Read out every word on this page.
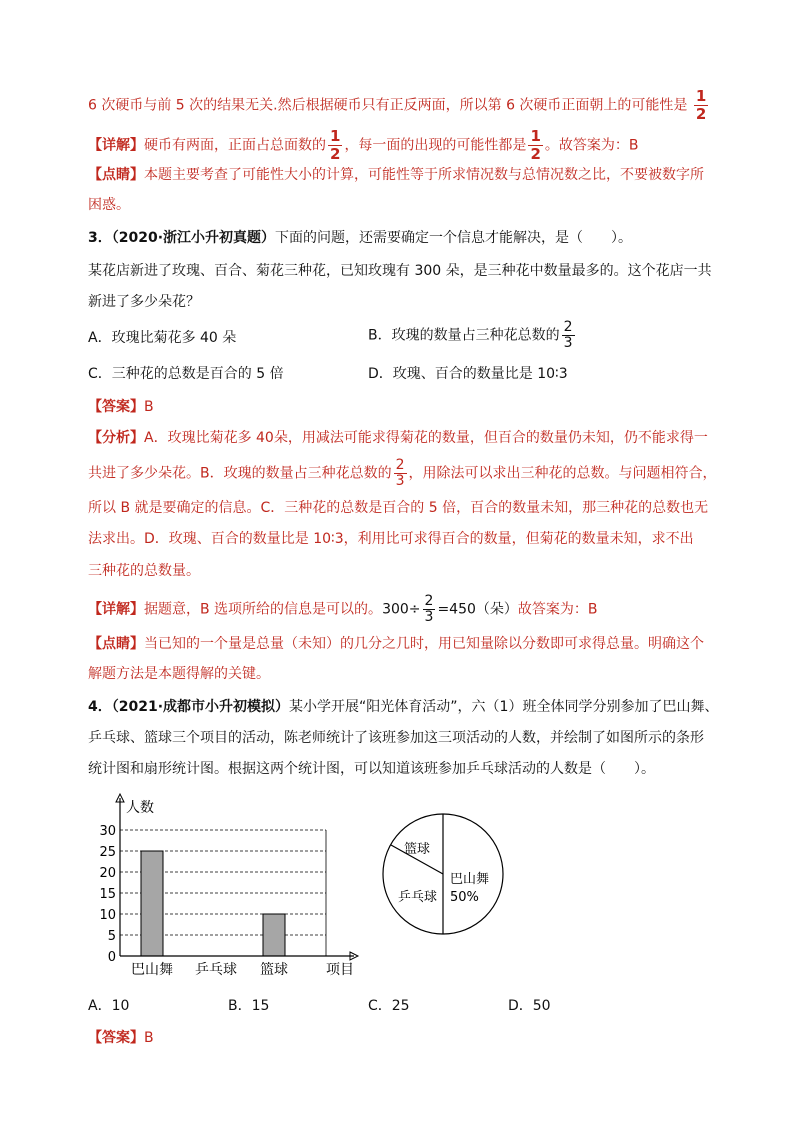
6 次硬币与前 5 次的结果无关.然后根据硬币只有正反两面，所以第 6 次硬币正面朝上的可能性是 $\frac{1}{2}$
【详解】硬币有两面，正面占总面数的 $\frac{1}{2}$ ，每一面的出现的可能性都是 $\frac{1}{2}$ 。故答案为：B
【点睛】本题主要考查了可能性大小的计算，可能性等于所求情况数与总情况数之比，不要被数字所
困惑。
3．（2020·浙江小升初真题）下面的问题，还需要确定一个信息才能解决，是（　　）。
某花店新进了玫瑰、百合、菊花三种花，已知玫瑰有 300 朵，是三种花中数量最多的。这个花店一共
新进了多少朵花？
A．玫瑰比菊花多 40 朵	B．玫瑰的数量占三种花总数的 $\frac{2}{3}$
C．三种花的总数是百合的 5 倍	D．玫瑰、百合的数量比是 10∶3
【答案】B
【分析】A．玫瑰比菊花多 40朵，用减法可能求得菊花的数量，但百合的数量仍未知，仍不能求得一
共进了多少朵花。B．玫瑰的数量占三种花总数的 $\frac{2}{3}$ ，用除法可以求出三种花的总数。与问题相符合，
所以 B 就是要确定的信息。C．三种花的总数是百合的 5 倍，百合的数量未知，那三种花的总数也无
法求出。D．玫瑰、百合的数量比是 10∶3，利用比可求得百合的数量，但菊花的数量未知，求不出
三种花的总数量。
【详解】据题意，B 选项所给的信息是可以的。$300\div \frac{2}{3} =450$（朵）故答案为：B
【点睛】当已知的一个量是总量（未知）的几分之几时，用已知量除以分数即可求得总量。明确这个
解题方法是本题得解的关键。
4．（2021·成都市小升初模拟）某小学开展“阳光体育活动”，六（1）班全体同学分别参加了巴山舞、
乒乓球、篮球三个项目的活动，陈老师统计了该班参加这三项活动的人数，并绘制了如图所示的条形
统计图和扇形统计图。根据这两个统计图，可以知道该班参加乒乓球活动的人数是（　　）。
人数
0
5
10
15
20
25
30
巴山舞 乒乓球 篮球	项目
篮球
乒乓球
巴山舞
50%
A．10	B．15	C．25	D．50
【答案】B
